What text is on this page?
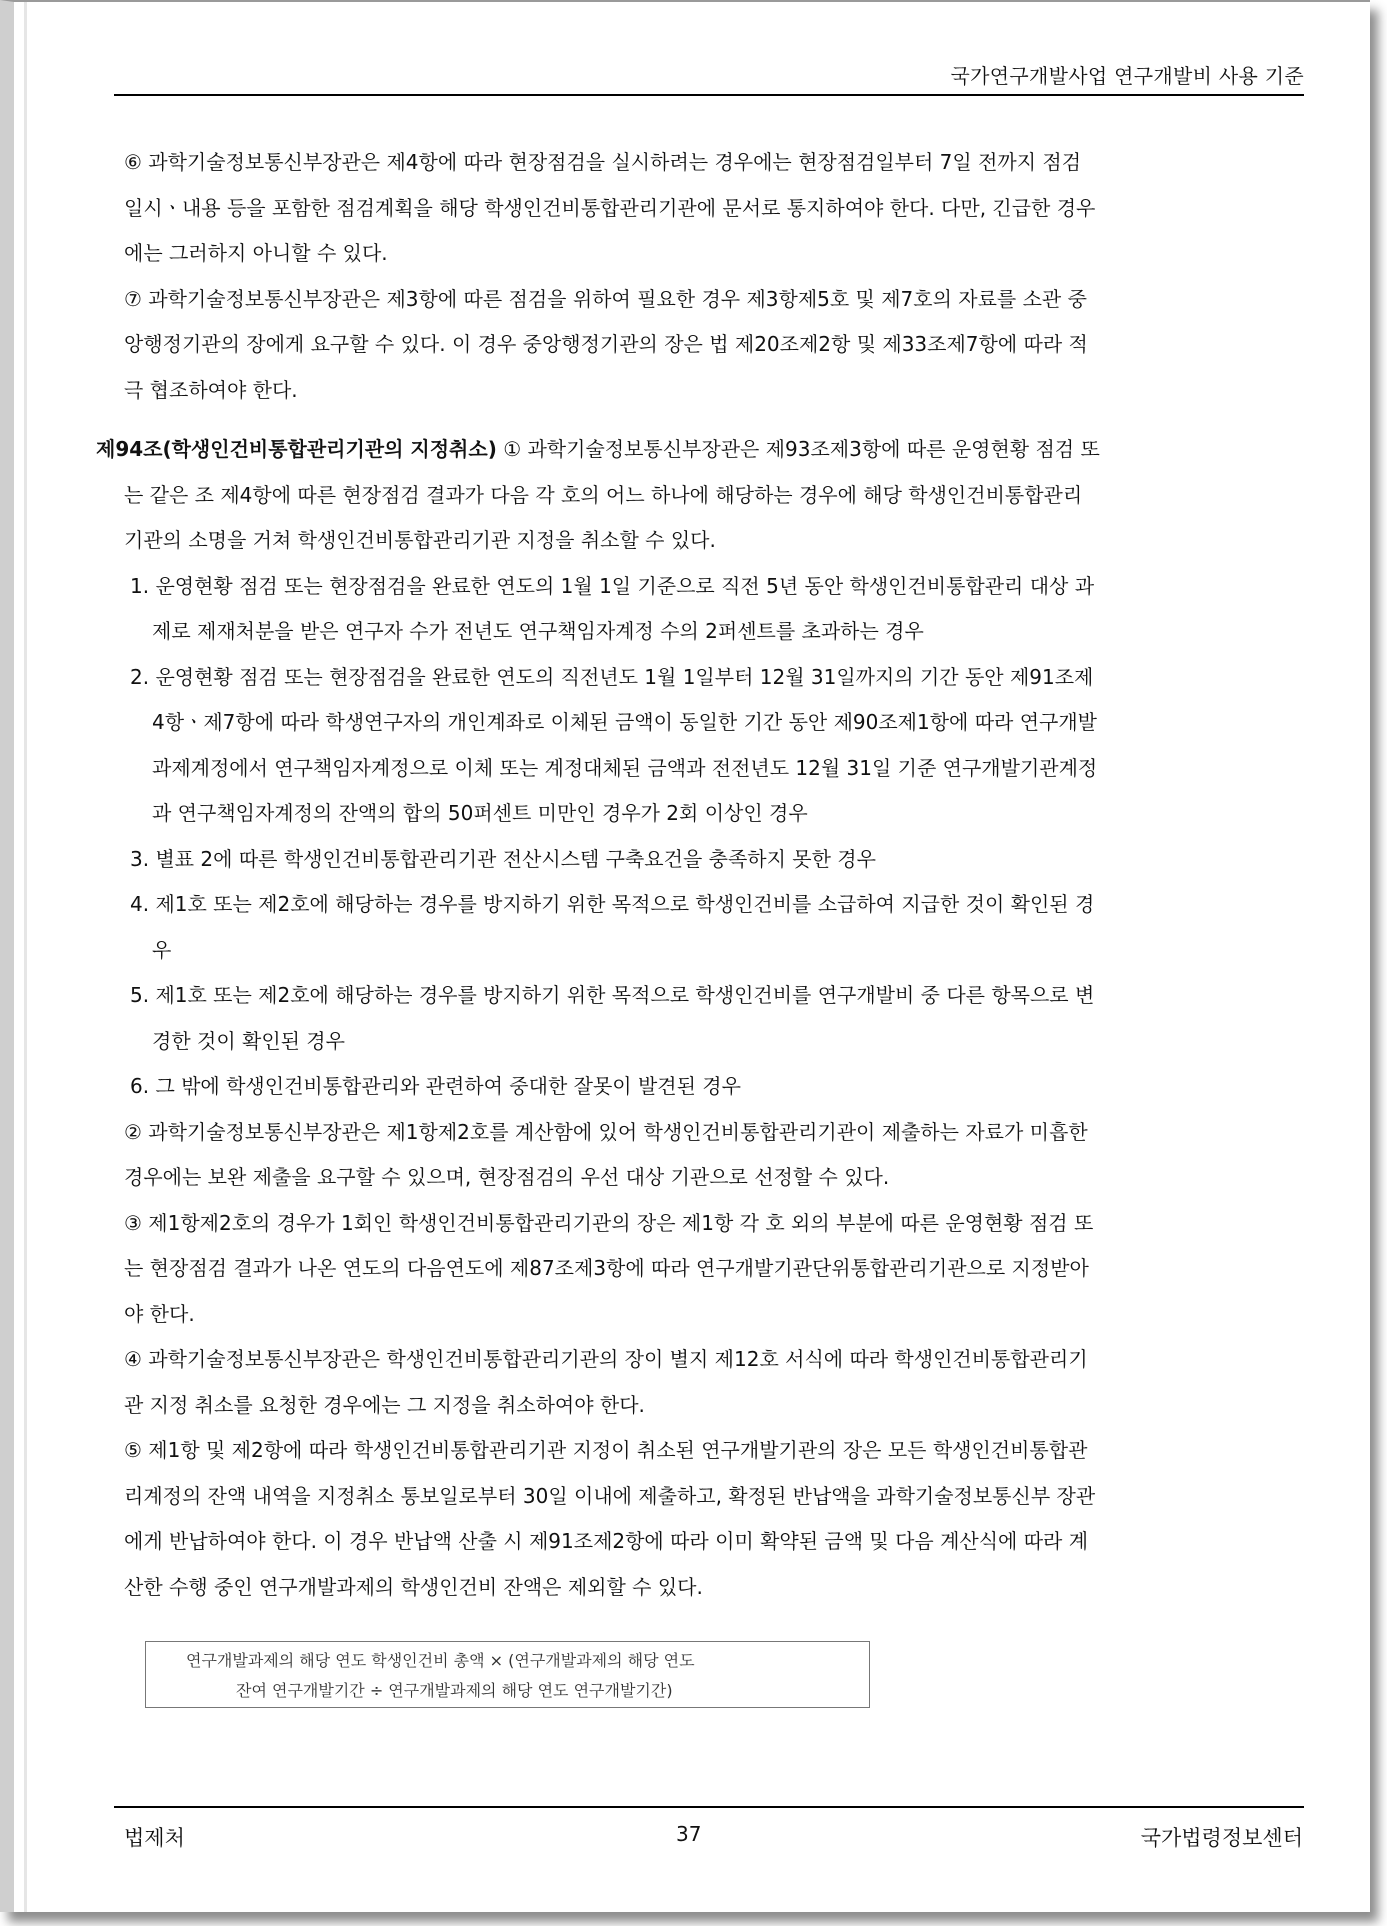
국가연구개발사업 연구개발비 사용 기준

⑥ 과학기술정보통신부장관은 제4항에 따라 현장점검을 실시하려는 경우에는 현장점검일부터 7일 전까지 점검
일시ㆍ내용 등을 포함한 점검계획을 해당 학생인건비통합관리기관에 문서로 통지하여야 한다. 다만, 긴급한 경우
에는 그러하지 아니할 수 있다.

⑦ 과학기술정보통신부장관은 제3항에 따른 점검을 위하여 필요한 경우 제3항제5호 및 제7호의 자료를 소관 중
앙행정기관의 장에게 요구할 수 있다. 이 경우 중앙행정기관의 장은 법 제20조제2항 및 제33조제7항에 따라 적
극 협조하여야 한다.

제94조(학생인건비통합관리기관의 지정취소) ① 과학기술정보통신부장관은 제93조제3항에 따른 운영현황 점검 또
는 같은 조 제4항에 따른 현장점검 결과가 다음 각 호의 어느 하나에 해당하는 경우에 해당 학생인건비통합관리
기관의 소명을 거쳐 학생인건비통합관리기관 지정을 취소할 수 있다.

1. 운영현황 점검 또는 현장점검을 완료한 연도의 1월 1일 기준으로 직전 5년 동안 학생인건비통합관리 대상 과
제로 제재처분을 받은 연구자 수가 전년도 연구책임자계정 수의 2퍼센트를 초과하는 경우
2. 운영현황 점검 또는 현장점검을 완료한 연도의 직전년도 1월 1일부터 12월 31일까지의 기간 동안 제91조제
4항ㆍ제7항에 따라 학생연구자의 개인계좌로 이체된 금액이 동일한 기간 동안 제90조제1항에 따라 연구개발
과제계정에서 연구책임자계정으로 이체 또는 계정대체된 금액과 전전년도 12월 31일 기준 연구개발기관계정
과 연구책임자계정의 잔액의 합의 50퍼센트 미만인 경우가 2회 이상인 경우
3. 별표 2에 따른 학생인건비통합관리기관 전산시스템 구축요건을 충족하지 못한 경우
4. 제1호 또는 제2호에 해당하는 경우를 방지하기 위한 목적으로 학생인건비를 소급하여 지급한 것이 확인된 경
우
5. 제1호 또는 제2호에 해당하는 경우를 방지하기 위한 목적으로 학생인건비를 연구개발비 중 다른 항목으로 변
경한 것이 확인된 경우
6. 그 밖에 학생인건비통합관리와 관련하여 중대한 잘못이 발견된 경우

② 과학기술정보통신부장관은 제1항제2호를 계산함에 있어 학생인건비통합관리기관이 제출하는 자료가 미흡한
경우에는 보완 제출을 요구할 수 있으며, 현장점검의 우선 대상 기관으로 선정할 수 있다.

③ 제1항제2호의 경우가 1회인 학생인건비통합관리기관의 장은 제1항 각 호 외의 부분에 따른 운영현황 점검 또
는 현장점검 결과가 나온 연도의 다음연도에 제87조제3항에 따라 연구개발기관단위통합관리기관으로 지정받아
야 한다.

④ 과학기술정보통신부장관은 학생인건비통합관리기관의 장이 별지 제12호 서식에 따라 학생인건비통합관리기
관 지정 취소를 요청한 경우에는 그 지정을 취소하여야 한다.

⑤ 제1항 및 제2항에 따라 학생인건비통합관리기관 지정이 취소된 연구개발기관의 장은 모든 학생인건비통합관
리계정의 잔액 내역을 지정취소 통보일로부터 30일 이내에 제출하고, 확정된 반납액을 과학기술정보통신부 장관
에게 반납하여야 한다. 이 경우 반납액 산출 시 제91조제2항에 따라 이미 확약된 금액 및 다음 계산식에 따라 계
산한 수행 중인 연구개발과제의 학생인건비 잔액은 제외할 수 있다.

연구개발과제의 해당 연도 학생인건비 총액 × (연구개발과제의 해당 연도
잔여 연구개발기간 ÷ 연구개발과제의 해당 연도 연구개발기간)
법제처	37	국가법령정보센터
